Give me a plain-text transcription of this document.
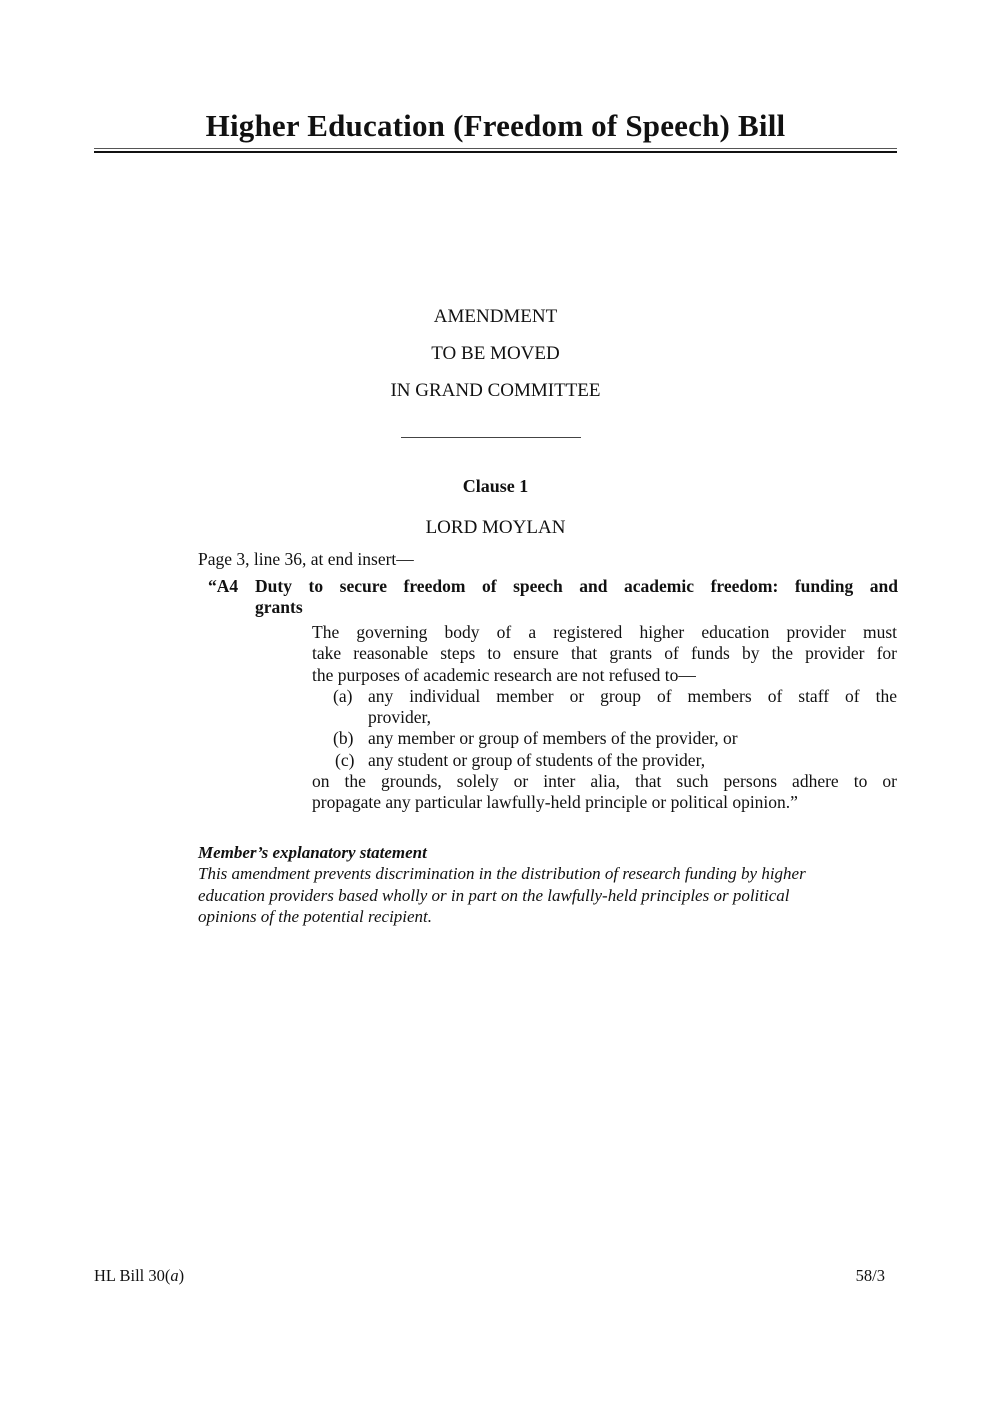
Higher Education (Freedom of Speech) Bill
AMENDMENT
TO BE MOVED
IN GRAND COMMITTEE
Clause 1
LORD MOYLAN
Page 3, line 36, at end insert—
“A4 Duty to secure freedom of speech and academic freedom: funding and
grants
The governing body of a registered higher education provider must
take reasonable steps to ensure that grants of funds by the provider for
the purposes of academic research are not refused to—
(a) any individual member or group of members of staff of the
provider,
(b) any member or group of members of the provider, or
(c) any student or group of students of the provider,
on the grounds, solely or inter alia, that such persons adhere to or
propagate any particular lawfully-held principle or political opinion.”
Member’s explanatory statement
This amendment prevents discrimination in the distribution of research funding by higher
education providers based wholly or in part on the lawfully-held principles or political
opinions of the potential recipient.
HL Bill 30(a)	58/3
